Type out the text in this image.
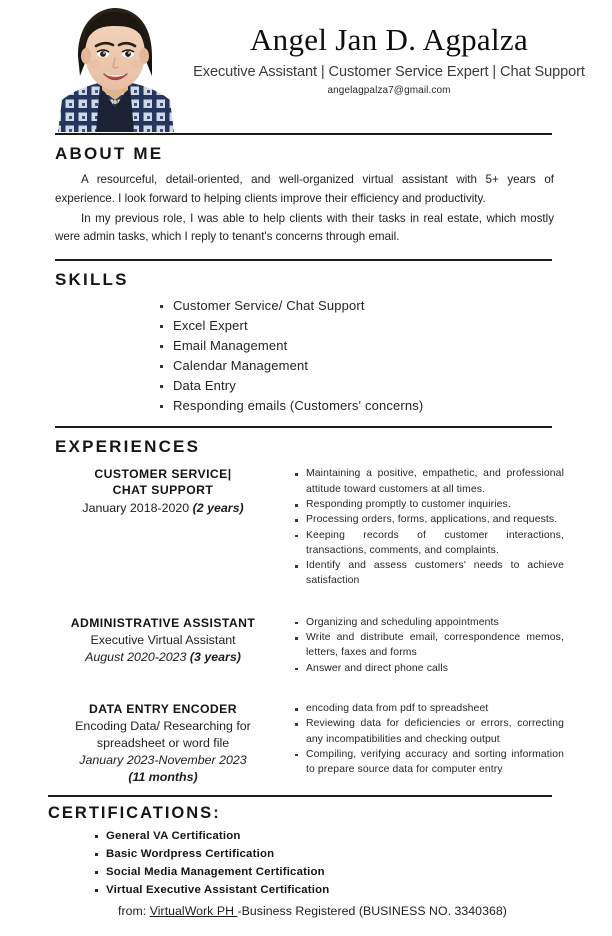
Angel Jan D. Agpalza
Executive Assistant | Customer Service Expert | Chat Support
angelagpalza7@gmail.com
ABOUT ME

A resourceful, detail-oriented, and well-organized virtual assistant with 5+ years of experience. I look forward to helping clients improve their efficiency and productivity.

In my previous role, I was able to help clients with their tasks in real estate, which mostly were admin tasks, which I reply to tenant's concerns through email.

SKILLS
Customer Service/ Chat Support
Excel Expert
Email Management
Calendar Management
Data Entry
Responding emails (Customers' concerns)
EXPERIENCES
CUSTOMER SERVICE|
CHAT SUPPORT
January 2018-2020 (2 years)
Maintaining a positive, empathetic, and professional attitude toward customers at all times.
Responding promptly to customer inquiries.
Processing orders, forms, applications, and requests.
Keeping records of customer interactions, transactions, comments, and complaints.
Identify and assess customers' needs to achieve satisfaction
ADMINISTRATIVE ASSISTANT
Executive Virtual Assistant
August 2020-2023 (3 years)
Organizing and scheduling appointments
Write and distribute email, correspondence memos, letters, faxes and forms
Answer and direct phone calls
DATA ENTRY ENCODER
Encoding Data/ Researching for spreadsheet or word file
January 2023-November 2023
(11 months)
encoding data from pdf to spreadsheet
Reviewing data for deficiencies or errors, correcting any incompatibilities and checking output
Compiling, verifying accuracy and sorting information to prepare source data for computer entry
CERTIFICATIONS:
General VA Certification
Basic Wordpress Certification
Social Media Management Certification
Virtual Executive Assistant Certification
from: VirtualWork PH -Business Registered (BUSINESS NO. 3340368)
